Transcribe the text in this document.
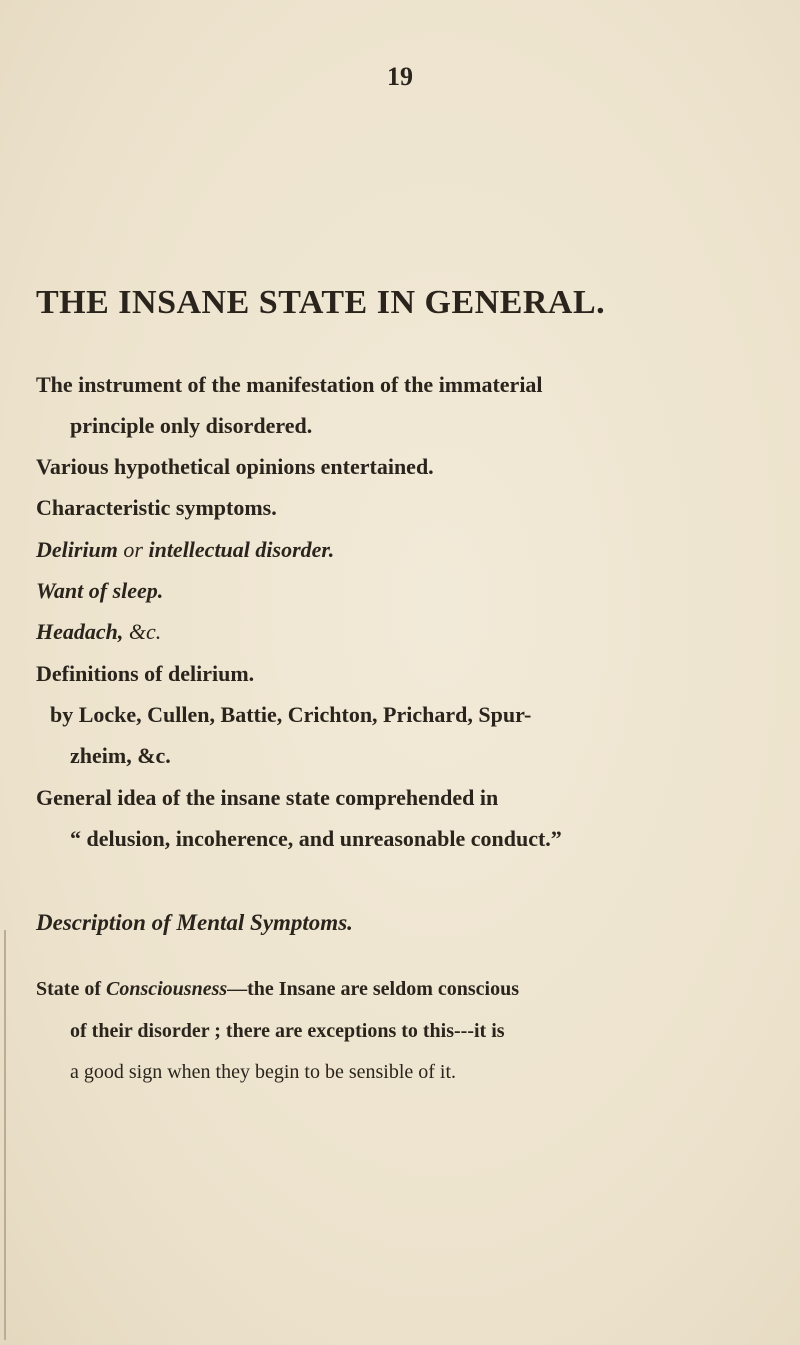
19
THE INSANE STATE IN GENERAL.
The instrument of the manifestation of the immaterial
principle only disordered.
Various hypothetical opinions entertained.
Characteristic symptoms.
Delirium or intellectual disorder.
Want of sleep.
Headach, &c.
Definitions of delirium.
by Locke, Cullen, Battie, Crichton, Prichard, Spur-
zheim, &c.
General idea of the insane state comprehended in
“ delusion, incoherence, and unreasonable conduct.”
Description of Mental Symptoms.
State of Consciousness—the Insane are seldom conscious
of their disorder ; there are exceptions to this---it is
a good sign when they begin to be sensible of it.
